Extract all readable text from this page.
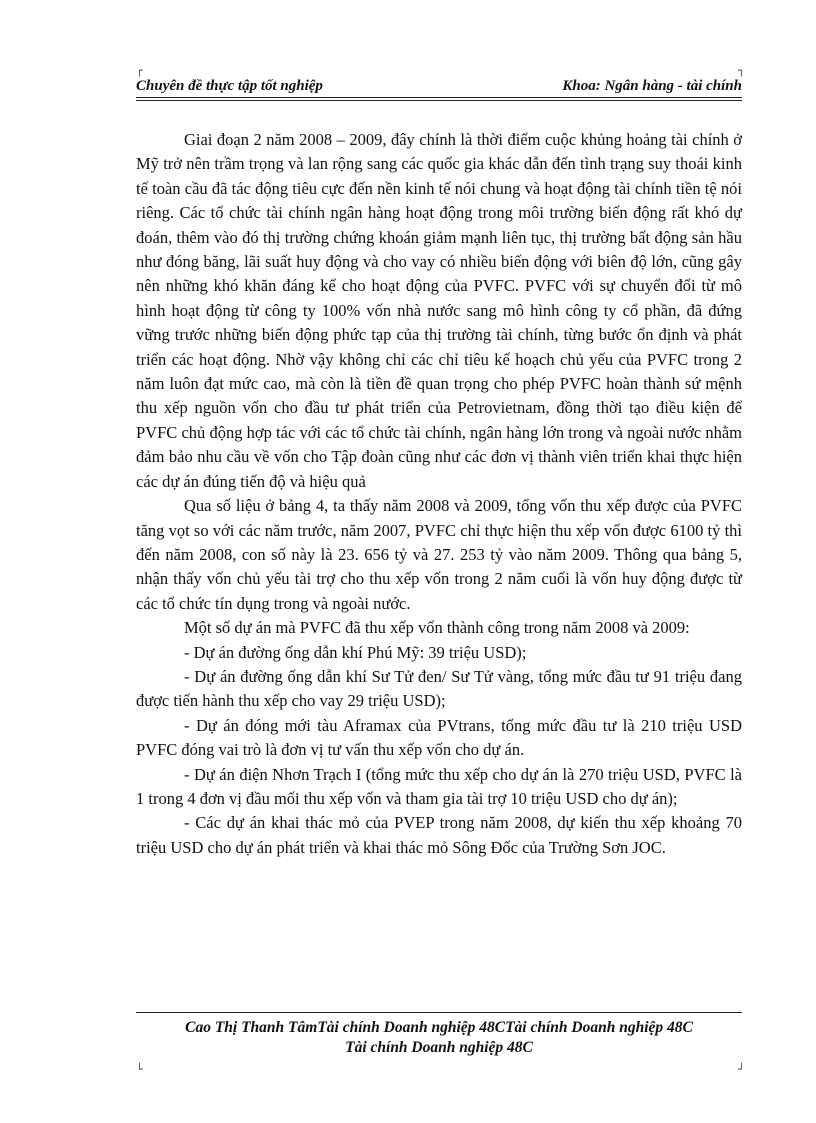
┌	┐
Chuyên đề thực tập tốt nghiệp	Khoa: Ngân hàng - tài chính

Giai đoạn 2 năm 2008 – 2009, đây chính là thời điểm cuộc khủng hoảng tài chính ở Mỹ trở nên trầm trọng và lan rộng sang các quốc gia khác dẫn đến tình trạng suy thoái kinh tế toàn cầu đã tác động tiêu cực đến nền kinh tế nói chung và hoạt động tài chính tiền tệ nói riêng. Các tổ chức tài chính ngân hàng hoạt động trong môi trường biến động rất khó dự đoán, thêm vào đó thị trường chứng khoán giảm mạnh liên tục, thị trường bất động sản hầu như đóng băng, lãi suất huy động và cho vay có nhiều biến động với biên độ lớn, cũng gây nên những khó khăn đáng kể cho hoạt động của PVFC. PVFC với sự chuyển đổi từ mô hình hoạt động từ công ty 100% vốn nhà nước sang mô hình công ty cổ phần, đã đứng vững trước những biến động phức tạp của thị trường tài chính, từng bước ổn định và phát triển các hoạt động. Nhờ vậy không chỉ các chỉ tiêu kế hoạch chủ yếu của PVFC trong 2 năm luôn đạt mức cao, mà còn là tiền đề quan trọng cho phép PVFC hoàn thành sứ mệnh thu xếp nguồn vốn cho đầu tư phát triển của Petrovietnam, đồng thời tạo điều kiện để PVFC chủ động hợp tác với các tổ chức tài chính, ngân hàng lớn trong và ngoài nước nhằm đảm bảo nhu cầu về vốn cho Tập đoàn cũng như các đơn vị thành viên triển khai thực hiện các dự án đúng tiến độ và hiệu quả

Qua số liệu ở bảng 4, ta thấy năm 2008 và 2009, tổng vốn thu xếp được của PVFC tăng vọt so với các năm trước, năm 2007, PVFC chỉ thực hiện thu xếp vốn được 6100 tỷ thì đến năm 2008, con số này là 23. 656 tỷ và 27. 253 tỷ vào năm 2009. Thông qua bảng 5, nhận thấy vốn chủ yếu tài trợ cho thu xếp vốn trong 2 năm cuối là vốn huy động được từ các tổ chức tín dụng trong và ngoài nước.

Một số dự án mà PVFC đã thu xếp vốn thành công trong năm 2008 và 2009:

- Dự án đường ống dẫn khí Phú Mỹ: 39 triệu USD);

- Dự án đường ống dẫn khí Sư Tử đen/ Sư Tử vàng, tổng mức đầu tư 91 triệu đang được tiến hành thu xếp cho vay 29 triệu USD);

- Dự án đóng mới tàu Aframax của PVtrans, tổng mức đầu tư là 210 triệu USD PVFC đóng vai trò là đơn vị tư vấn thu xếp vốn cho dự án.

- Dự án điện Nhơn Trạch I (tổng mức thu xếp cho dự án là 270 triệu USD, PVFC là 1 trong 4 đơn vị đầu mối thu xếp vốn và tham gia tài trợ 10 triệu USD cho dự án);

- Các dự án khai thác mỏ của PVEP trong năm 2008, dự kiến thu xếp khoảng 70 triệu USD cho dự án phát triển và khai thác mỏ Sông Đốc của Trường Sơn JOC.

Cao Thị Thanh TâmTài chính Doanh nghiệp 48CTài chính Doanh nghiệp 48C
Tài chính Doanh nghiệp 48C
└	┘
